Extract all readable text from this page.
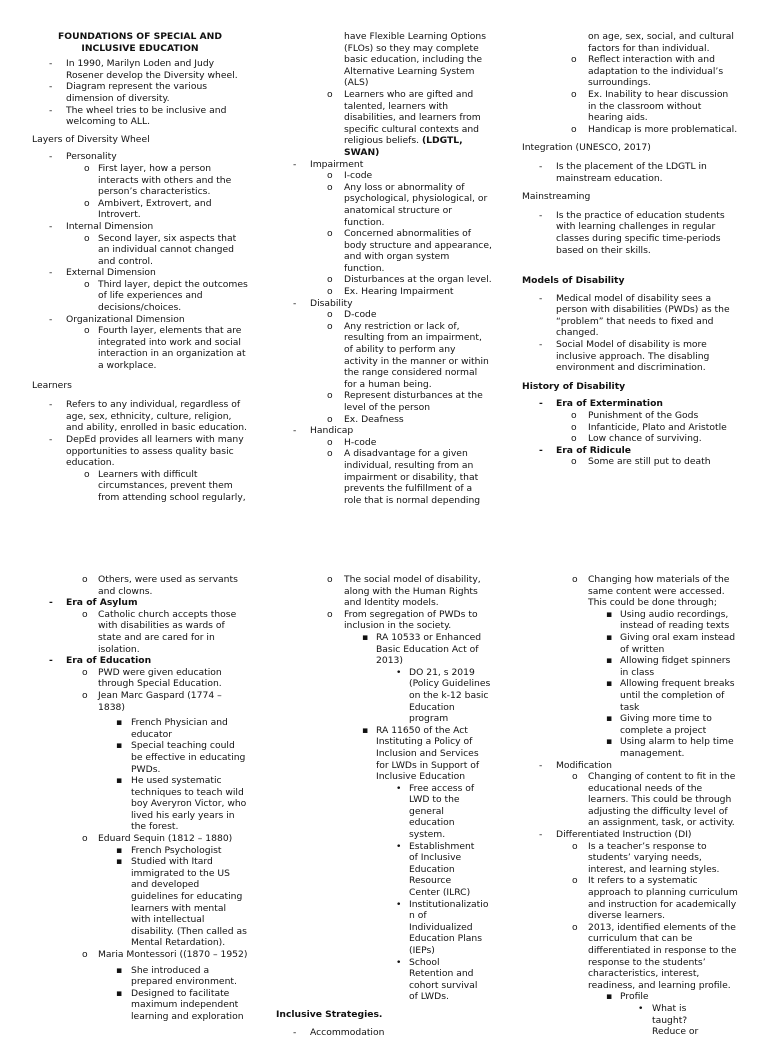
FOUNDATIONS OF SPECIAL AND INCLUSIVE EDUCATION
- In 1990, Marilyn Loden and Judy Rosener develop the Diversity wheel.
- Diagram represent the various dimension of diversity.
- The wheel tries to be inclusive and welcoming to ALL.
Layers of Diversity Wheel
- Personality
o First layer, how a person interacts with others and the person’s characteristics.
o Ambivert, Extrovert, and Introvert.
- Internal Dimension
o Second layer, six aspects that an individual cannot changed and control.
- External Dimension
o Third layer, depict the outcomes of life experiences and decisions/choices.
- Organizational Dimension
o Fourth layer, elements that are integrated into work and social interaction in an organization at a workplace.
Learners
- Refers to any individual, regardless of age, sex, ethnicity, culture, religion, and ability, enrolled in basic education.
- DepEd provides all learners with many opportunities to assess quality basic education.
o Learners with difficult circumstances, prevent them from attending school regularly,
have Flexible Learning Options (FLOs) so they may complete basic education, including the Alternative Learning System (ALS)
o Learners who are gifted and talented, learners with disabilities, and learners from specific cultural contexts and religious beliefs. (LDGTL, SWAN)
- Impairment
o I-code
o Any loss or abnormality of psychological, physiological, or anatomical structure or function.
o Concerned abnormalities of body structure and appearance, and with organ system function.
o Disturbances at the organ level.
o Ex. Hearing Impairment
- Disability
o D-code
o Any restriction or lack of, resulting from an impairment, of ability to perform any activity in the manner or within the range considered normal for a human being.
o Represent disturbances at the level of the person
o Ex. Deafness
- Handicap
o H-code
o A disadvantage for a given individual, resulting from an impairment or disability, that prevents the fulfillment of a role that is normal depending
on age, sex, social, and cultural factors for than individual.
o Reflect interaction with and adaptation to the individual’s surroundings.
o Ex. Inability to hear discussion in the classroom without hearing aids.
o Handicap is more problematical.
Integration (UNESCO, 2017)
- Is the placement of the LDGTL in mainstream education.
Mainstreaming
- Is the practice of education students with learning challenges in regular classes during specific time-periods based on their skills.
Models of Disability
- Medical model of disability sees a person with disabilities (PWDs) as the “problem” that needs to fixed and changed.
- Social Model of disability is more inclusive approach. The disabling environment and discrimination.
History of Disability
- Era of Extermination
o Punishment of the Gods
o Infanticide, Plato and Aristotle
o Low chance of surviving.
- Era of Ridicule
o Some are still put to death
o Others, were used as servants and clowns.
- Era of Asylum
o Catholic church accepts those with disabilities as wards of state and are cared for in isolation.
- Era of Education
o PWD were given education through Special Education.
o Jean Marc Gaspard (1774 – 1838)
▪ French Physician and educator
▪ Special teaching could be effective in educating PWDs.
▪ He used systematic techniques to teach wild boy Averyron Victor, who lived his early years in the forest.
o Eduard Sequin (1812 – 1880)
▪ French Psychologist
▪ Studied with Itard immigrated to the US and developed guidelines for educating learners with mental with intellectual disability. (Then called as Mental Retardation).
o Maria Montessori ((1870 – 1952)
▪ She introduced a prepared environment.
▪ Designed to facilitate maximum independent learning and exploration
o The social model of disability, along with the Human Rights and Identity models.
o From segregation of PWDs to inclusion in the society.
▪ RA 10533 or Enhanced Basic Education Act of 2013)
• DO 21, s 2019 (Policy Guidelines on the k-12 basic Education program
▪ RA 11650 of the Act Instituting a Policy of Inclusion and Services for LWDs in Support of Inclusive Education
• Free access of LWD to the general education system.
• Establishment of Inclusive Education Resource Center (ILRC)
• Institutionalizatio n of Individualized Education Plans (IEPs)
• School Retention and cohort survival of LWDs.
Inclusive Strategies.
- Accommodation
o Changing how materials of the same content were accessed. This could be done through;
▪ Using audio recordings, instead of reading texts
▪ Giving oral exam instead of written
▪ Allowing fidget spinners in class
▪ Allowing frequent breaks until the completion of task
▪ Giving more time to complete a project
▪ Using alarm to help time management.
- Modification
o Changing of content to fit in the educational needs of the learners. This could be through adjusting the difficulty level of an assignment, task, or activity.
- Differentiated Instruction (DI)
o Is a teacher’s response to students’ varying needs, interest, and learning styles.
o It refers to a systematic approach to planning curriculum and instruction for academically diverse learners.
o 2013, identified elements of the curriculum that can be differentiated in response to the response to the students’ characteristics, interest, readiness, and learning profile.
▪ Profile
• What is taught? Reduce or
